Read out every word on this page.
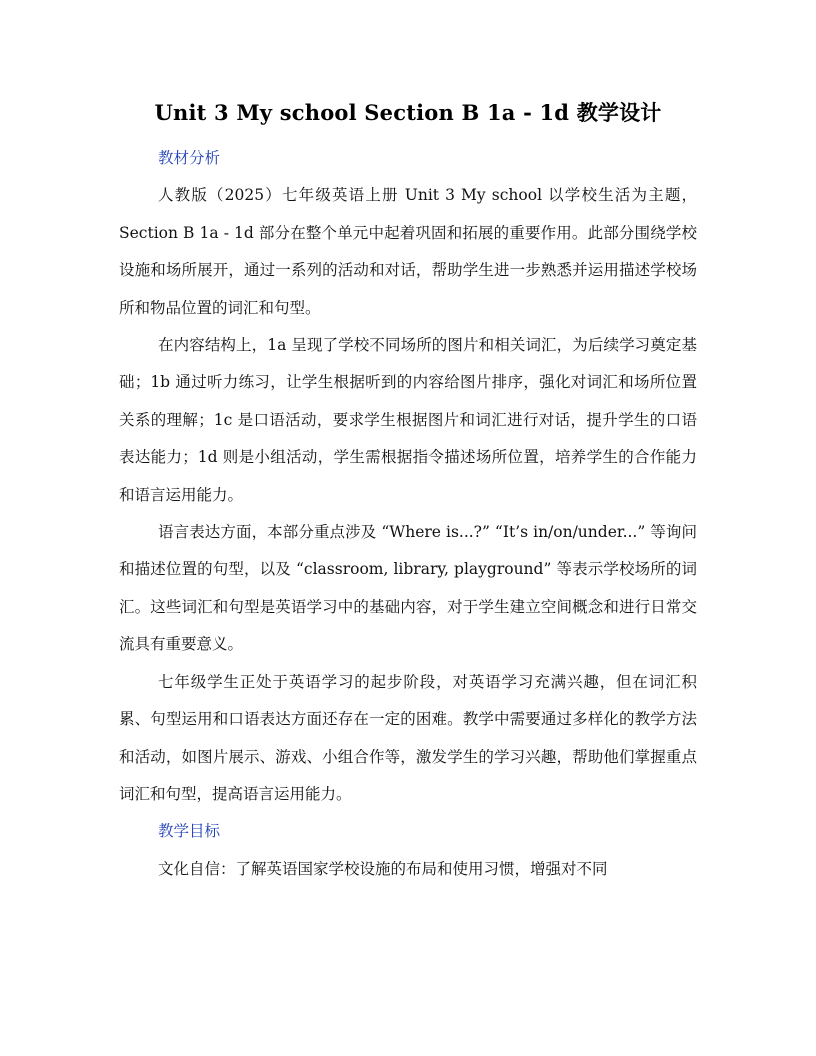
Unit 3 My school Section B 1a - 1d 教学设计

教材分析

人教版（2025）七年级英语上册 Unit 3 My school 以学校生活为主题，Section B 1a - 1d 部分在整个单元中起着巩固和拓展的重要作用。此部分围绕学校设施和场所展开，通过一系列的活动和对话，帮助学生进一步熟悉并运用描述学校场所和物品位置的词汇和句型。

在内容结构上，1a 呈现了学校不同场所的图片和相关词汇，为后续学习奠定基础；1b 通过听力练习，让学生根据听到的内容给图片排序，强化对词汇和场所位置关系的理解；1c 是口语活动，要求学生根据图片和词汇进行对话，提升学生的口语表达能力；1d 则是小组活动，学生需根据指令描述场所位置，培养学生的合作能力和语言运用能力。

语言表达方面，本部分重点涉及 “Where is...?” “It’s in/on/under...” 等询问和描述位置的句型，以及 “classroom, library, playground” 等表示学校场所的词汇。这些词汇和句型是英语学习中的基础内容，对于学生建立空间概念和进行日常交流具有重要意义。

七年级学生正处于英语学习的起步阶段，对英语学习充满兴趣，但在词汇积累、句型运用和口语表达方面还存在一定的困难。教学中需要通过多样化的教学方法和活动，如图片展示、游戏、小组合作等，激发学生的学习兴趣，帮助他们掌握重点词汇和句型，提高语言运用能力。

教学目标

文化自信：了解英语国家学校设施的布局和使用习惯，增强对不同
